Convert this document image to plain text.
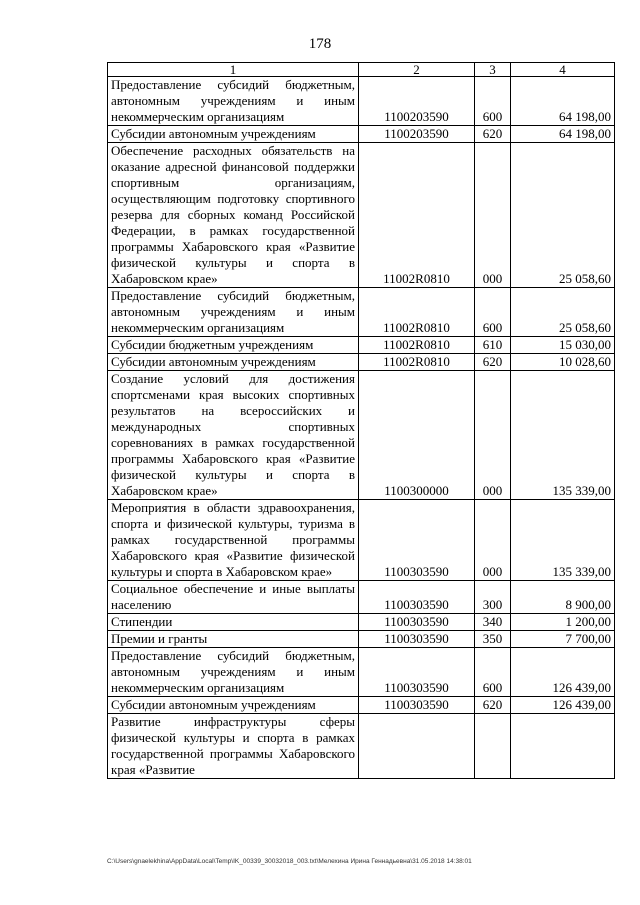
178
1	2	3	4
Предоставление субсидий бюджетным, автономным учреждениям и иным некоммерческим организациям	1100203590	600	64 198,00
Субсидии автономным учреждениям	1100203590	620	64 198,00
Обеспечение расходных обязательств на оказание адресной финансовой поддержки спортивным организациям, осуществляющим подготовку спортивного резерва для сборных команд Российской Федерации, в рамках государственной программы Хабаровского края «Развитие физической культуры и спорта в Хабаровском крае»	11002R0810	000	25 058,60
Предоставление субсидий бюджетным, автономным учреждениям и иным некоммерческим организациям	11002R0810	600	25 058,60
Субсидии бюджетным учреждениям	11002R0810	610	15 030,00
Субсидии автономным учреждениям	11002R0810	620	10 028,60
Создание условий для достижения спортсменами края высоких спортивных результатов на всероссийских и международных спортивных соревнованиях в рамках государственной программы Хабаровского края «Развитие физической культуры и спорта в Хабаровском крае»	1100300000	000	135 339,00
Мероприятия в области здравоохранения, спорта и физической культуры, туризма в рамках государственной программы Хабаровского края «Развитие физической культуры и спорта в Хабаровском крае»	1100303590	000	135 339,00
Социальное обеспечение и иные выплаты населению	1100303590	300	8 900,00
Стипендии	1100303590	340	1 200,00
Премии и гранты	1100303590	350	7 700,00
Предоставление субсидий бюджетным, автономным учреждениям и иным некоммерческим организациям	1100303590	600	126 439,00
Субсидии автономным учреждениям	1100303590	620	126 439,00
Развитие инфраструктуры сферы физической культуры и спорта в рамках государственной программы Хабаровского края «Развитие			
C:\Users\gnaelekhina\AppData\Local\Temp\IK_00339_30032018_003.txt\Мелехина Ирина Геннадьевна\31.05.2018 14:38:01
